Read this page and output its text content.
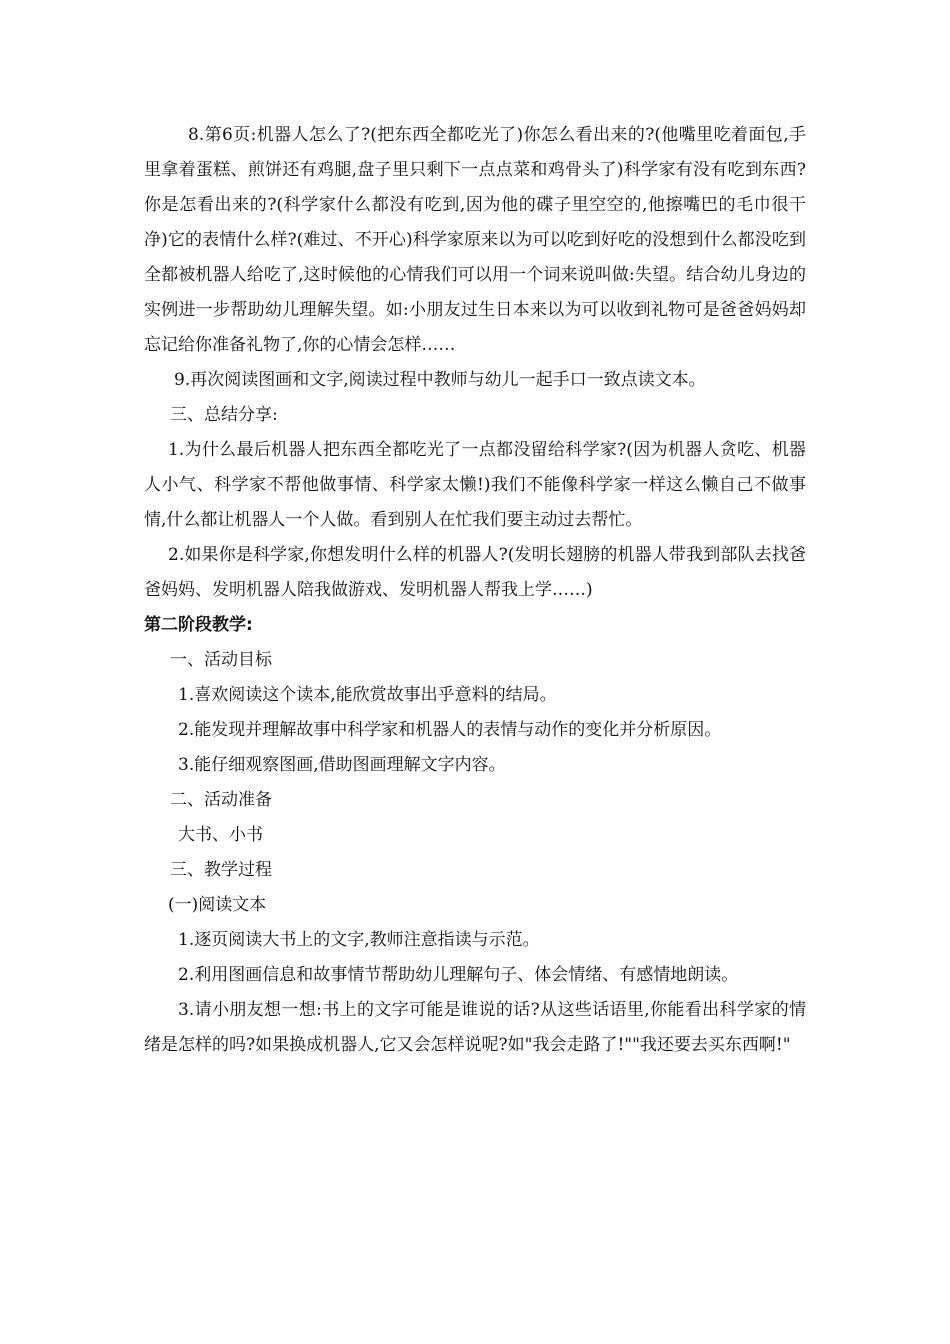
8.第6页:机器人怎么了?(把东西全都吃光了)你怎么看出来的?(他嘴里吃着面包,手里拿着蛋糕、煎饼还有鸡腿,盘子里只剩下一点点菜和鸡骨头了)科学家有没有吃到东西?你是怎看出来的?(科学家什么都没有吃到,因为他的碟子里空空的,他擦嘴巴的毛巾很干净)它的表情什么样?(难过、不开心)科学家原来以为可以吃到好吃的没想到什么都没吃到全都被机器人给吃了,这时候他的心情我们可以用一个词来说叫做:失望。结合幼儿身边的实例进一步帮助幼儿理解失望。如:小朋友过生日本来以为可以收到礼物可是爸爸妈妈却忘记给你准备礼物了,你的心情会怎样……

9.再次阅读图画和文字,阅读过程中教师与幼儿一起手口一致点读文本。

三、总结分享:

1.为什么最后机器人把东西全都吃光了一点都没留给科学家?(因为机器人贪吃、机器人小气、科学家不帮他做事情、科学家太懒!)我们不能像科学家一样这么懒自己不做事情,什么都让机器人一个人做。看到别人在忙我们要主动过去帮忙。

2.如果你是科学家,你想发明什么样的机器人?(发明长翅膀的机器人带我到部队去找爸爸妈妈、发明机器人陪我做游戏、发明机器人帮我上学……)

第二阶段教学:

一、活动目标

1.喜欢阅读这个读本,能欣赏故事出乎意料的结局。

2.能发现并理解故事中科学家和机器人的表情与动作的变化并分析原因。

3.能仔细观察图画,借助图画理解文字内容。

二、活动准备

大书、小书

三、教学过程

(一)阅读文本

1.逐页阅读大书上的文字,教师注意指读与示范。

2.利用图画信息和故事情节帮助幼儿理解句子、体会情绪、有感情地朗读。

3.请小朋友想一想:书上的文字可能是谁说的话?从这些话语里,你能看出科学家的情绪是怎样的吗?如果换成机器人,它又会怎样说呢?如"我会走路了!""我还要去买东西啊!"
